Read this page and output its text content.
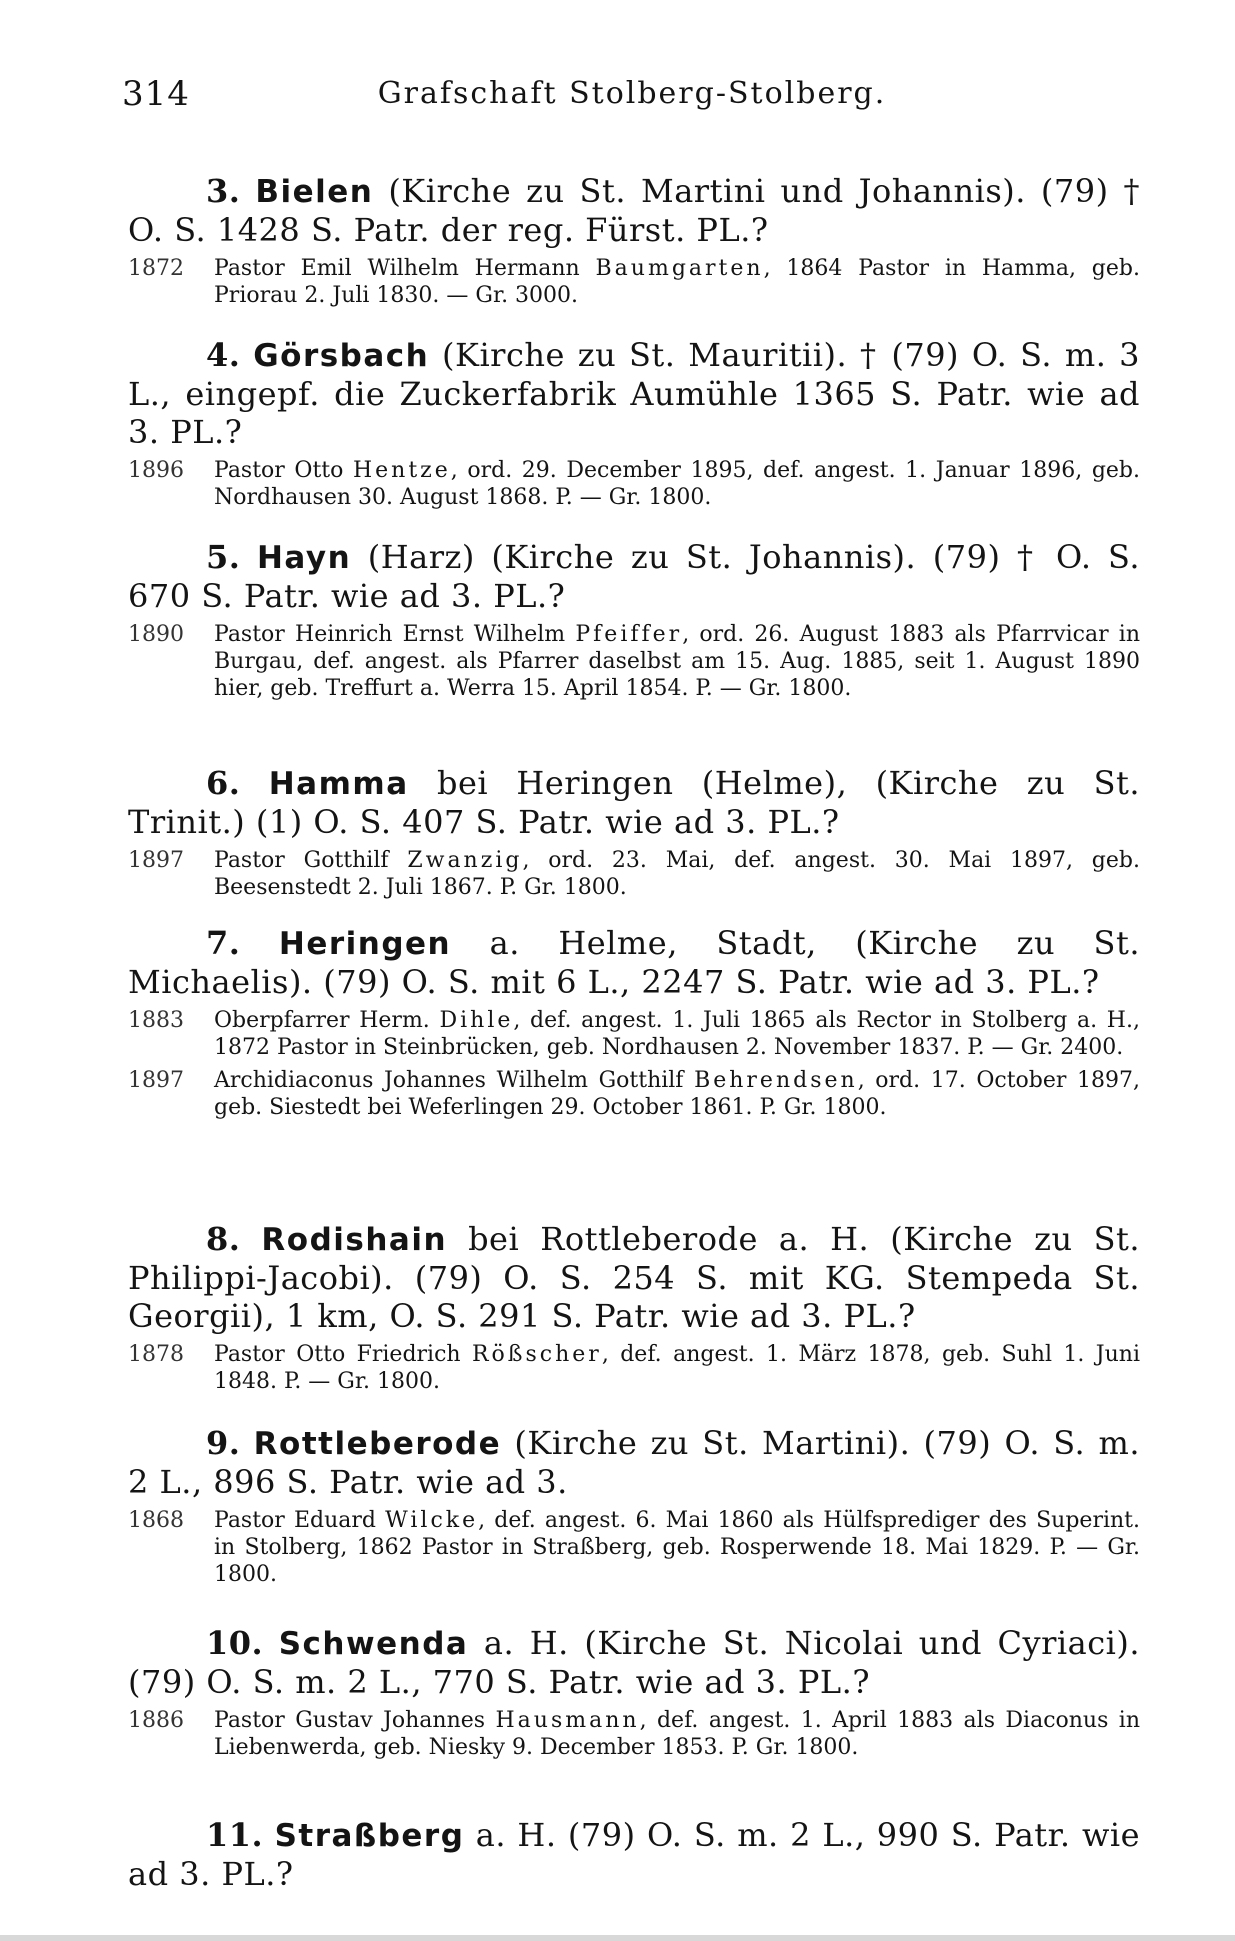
314	Grafschaft Stolberg-Stolberg.
3. Bielen (Kirche zu St. Martini und Johannis). (79) † O. S. 1428 S. Patr. der reg. Fürst. PL.?
1872	Pastor Emil Wilhelm Hermann Baumgarten, 1864 Pastor in Hamma, geb. Priorau 2. Juli 1830. — Gr. 3000.
4. Görsbach (Kirche zu St. Mauritii). † (79) O. S. m. 3 L., eingepf. die Zuckerfabrik Aumühle 1365 S. Patr. wie ad 3. PL.?
1896	Pastor Otto Hentze, ord. 29. December 1895, def. angest. 1. Januar 1896, geb. Nordhausen 30. August 1868. P. — Gr. 1800.
5. Hayn (Harz) (Kirche zu St. Johannis). (79) † O. S. 670 S. Patr. wie ad 3. PL.?
1890	Pastor Heinrich Ernst Wilhelm Pfeiffer, ord. 26. August 1883 als Pfarrvicar in Burgau, def. angest. als Pfarrer daselbst am 15. Aug. 1885, seit 1. August 1890 hier, geb. Treffurt a. Werra 15. April 1854. P. — Gr. 1800.
6. Hamma bei Heringen (Helme), (Kirche zu St. Trinit.) (1) O. S. 407 S. Patr. wie ad 3. PL.?
1897	Pastor Gotthilf Zwanzig, ord. 23. Mai, def. angest. 30. Mai 1897, geb. Beesenstedt 2. Juli 1867. P. Gr. 1800.
7. Heringen a. Helme, Stadt, (Kirche zu St. Michaelis). (79) O. S. mit 6 L., 2247 S. Patr. wie ad 3. PL.?
1883	Oberpfarrer Herm. Dihle, def. angest. 1. Juli 1865 als Rector in Stolberg a. H., 1872 Pastor in Steinbrücken, geb. Nordhausen 2. November 1837. P. — Gr. 2400.
1897	Archidiaconus Johannes Wilhelm Gotthilf Behrendsen, ord. 17. October 1897, geb. Siestedt bei Weferlingen 29. October 1861. P. Gr. 1800.
8. Rodishain bei Rottleberode a. H. (Kirche zu St. Philippi-Jacobi). (79) O. S. 254 S. mit KG. Stempeda St. Georgii), 1 km, O. S. 291 S. Patr. wie ad 3. PL.?
1878	Pastor Otto Friedrich Rößscher, def. angest. 1. März 1878, geb. Suhl 1. Juni 1848. P. — Gr. 1800.
9. Rottleberode (Kirche zu St. Martini). (79) O. S. m. 2 L., 896 S. Patr. wie ad 3.
1868	Pastor Eduard Wilcke, def. angest. 6. Mai 1860 als Hülfsprediger des Superint. in Stolberg, 1862 Pastor in Straßberg, geb. Rosperwende 18. Mai 1829. P. — Gr. 1800.
10. Schwenda a. H. (Kirche St. Nicolai und Cyriaci). (79) O. S. m. 2 L., 770 S. Patr. wie ad 3. PL.?
1886	Pastor Gustav Johannes Hausmann, def. angest. 1. April 1883 als Diaconus in Liebenwerda, geb. Niesky 9. December 1853. P. Gr. 1800.
11. Straßberg a. H. (79) O. S. m. 2 L., 990 S. Patr. wie ad 3. PL.?
